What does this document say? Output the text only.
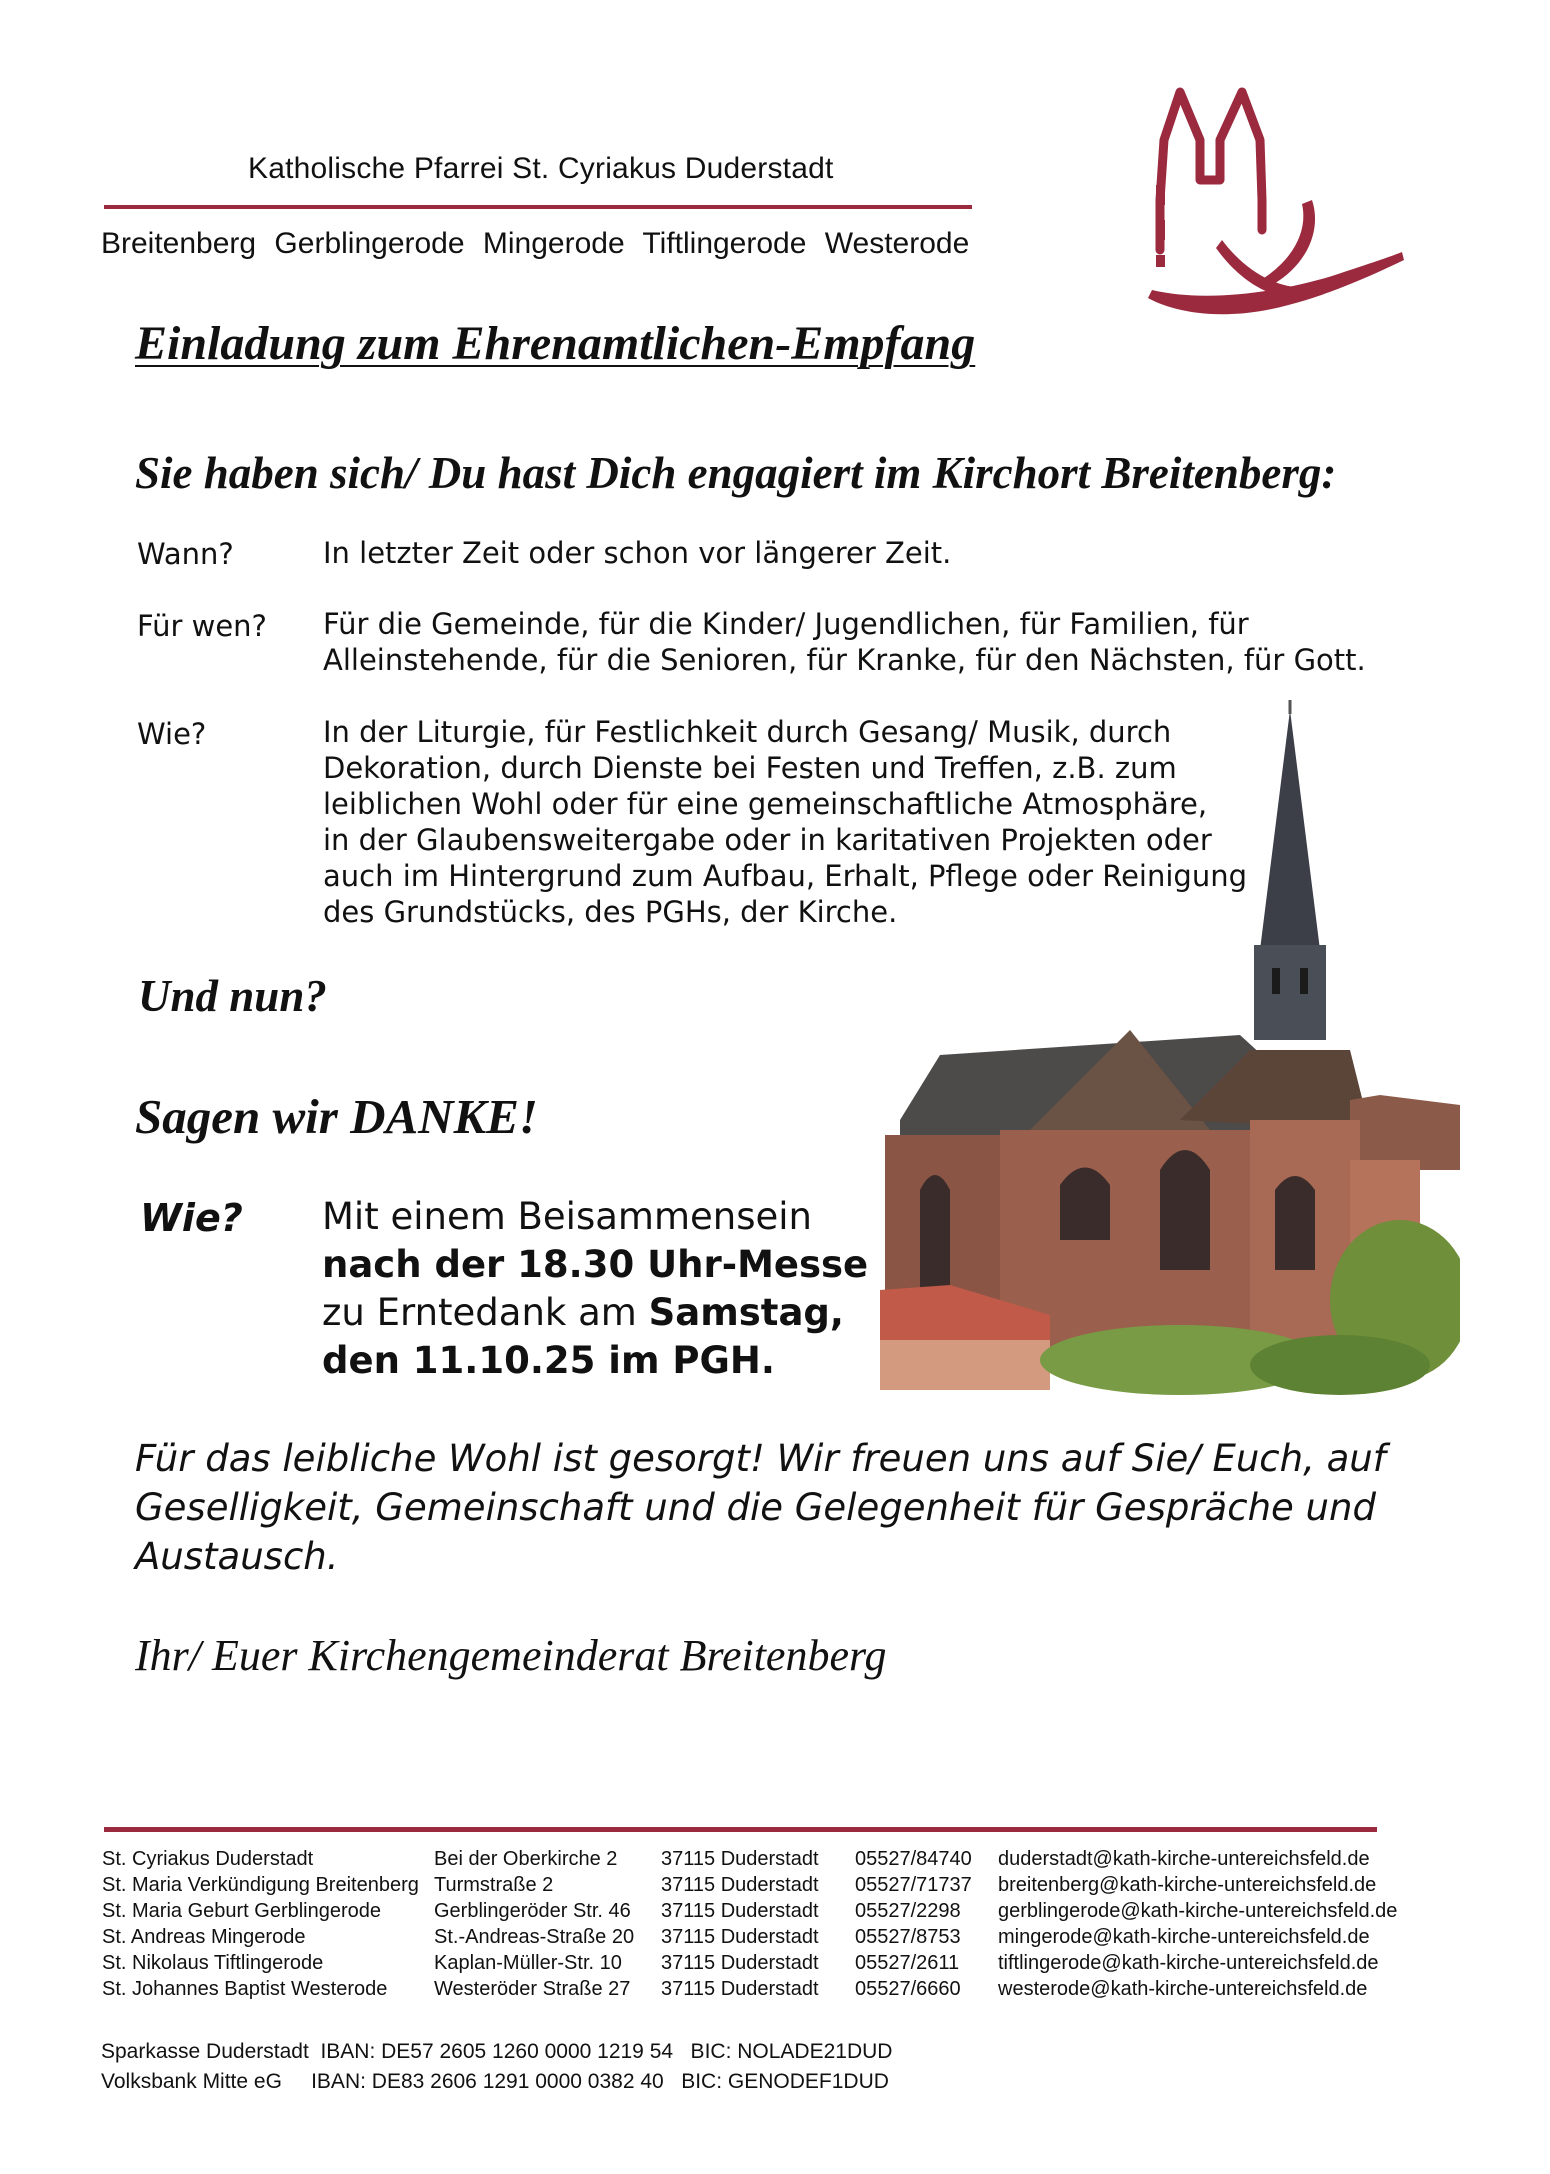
Katholische Pfarrei St. Cyriakus Duderstadt
Breitenberg Gerblingerode Mingerode Tiftlingerode Westerode
Einladung zum Ehrenamtlichen-Empfang
Sie haben sich/ Du hast Dich engagiert im Kirchort Breitenberg:
Wann?	In letzter Zeit oder schon vor längerer Zeit.
Für wen? Für die Gemeinde, für die Kinder/ Jugendlichen, für Familien, für
Alleinstehende, für die Senioren, für Kranke, für den Nächsten, für Gott.
Wie?	In der Liturgie, für Festlichkeit durch Gesang/ Musik, durch
Dekoration, durch Dienste bei Festen und Treffen, z.B. zum
leiblichen Wohl oder für eine gemeinschaftliche Atmosphäre,
in der Glaubensweitergabe oder in karitativen Projekten oder
auch im Hintergrund zum Aufbau, Erhalt, Pflege oder Reinigung
des Grundstücks, des PGHs, der Kirche.
Und nun?
Sagen wir DANKE!
Wie? Mit einem Beisammensein
nach der 18.30 Uhr-Messe
zu Erntedank am Samstag,
den 11.10.25 im PGH.
Für das leibliche Wohl ist gesorgt! Wir freuen uns auf Sie/ Euch, auf Geselligkeit, Gemeinschaft und die Gelegenheit für Gespräche und Austausch.
Ihr/ Euer Kirchengemeinderat Breitenberg
St. Cyriakus Duderstadt
St. Maria Verkündigung Breitenberg
St. Maria Geburt Gerblingerode
St. Andreas Mingerode
St. Nikolaus Tiftlingerode
St. Johannes Baptist Westerode
Bei der Oberkirche 2
Turmstraße 2
Gerblingeröder Str. 46
St.-Andreas-Straße 20
Kaplan-Müller-Str. 10
Westeröder Straße 27
37115 Duderstadt
37115 Duderstadt
37115 Duderstadt
37115 Duderstadt
37115 Duderstadt
37115 Duderstadt
05527/84740
05527/71737
05527/2298
05527/8753
05527/2611
05527/6660
duderstadt@kath-kirche-untereichsfeld.de
breitenberg@kath-kirche-untereichsfeld.de
gerblingerode@kath-kirche-untereichsfeld.de
mingerode@kath-kirche-untereichsfeld.de
tiftlingerode@kath-kirche-untereichsfeld.de
westerode@kath-kirche-untereichsfeld.de
Sparkasse Duderstadt  IBAN: DE57 2605 1260 0000 1219 54   BIC: NOLADE21DUD
Volksbank Mitte eG     IBAN: DE83 2606 1291 0000 0382 40   BIC: GENODEF1DUD
